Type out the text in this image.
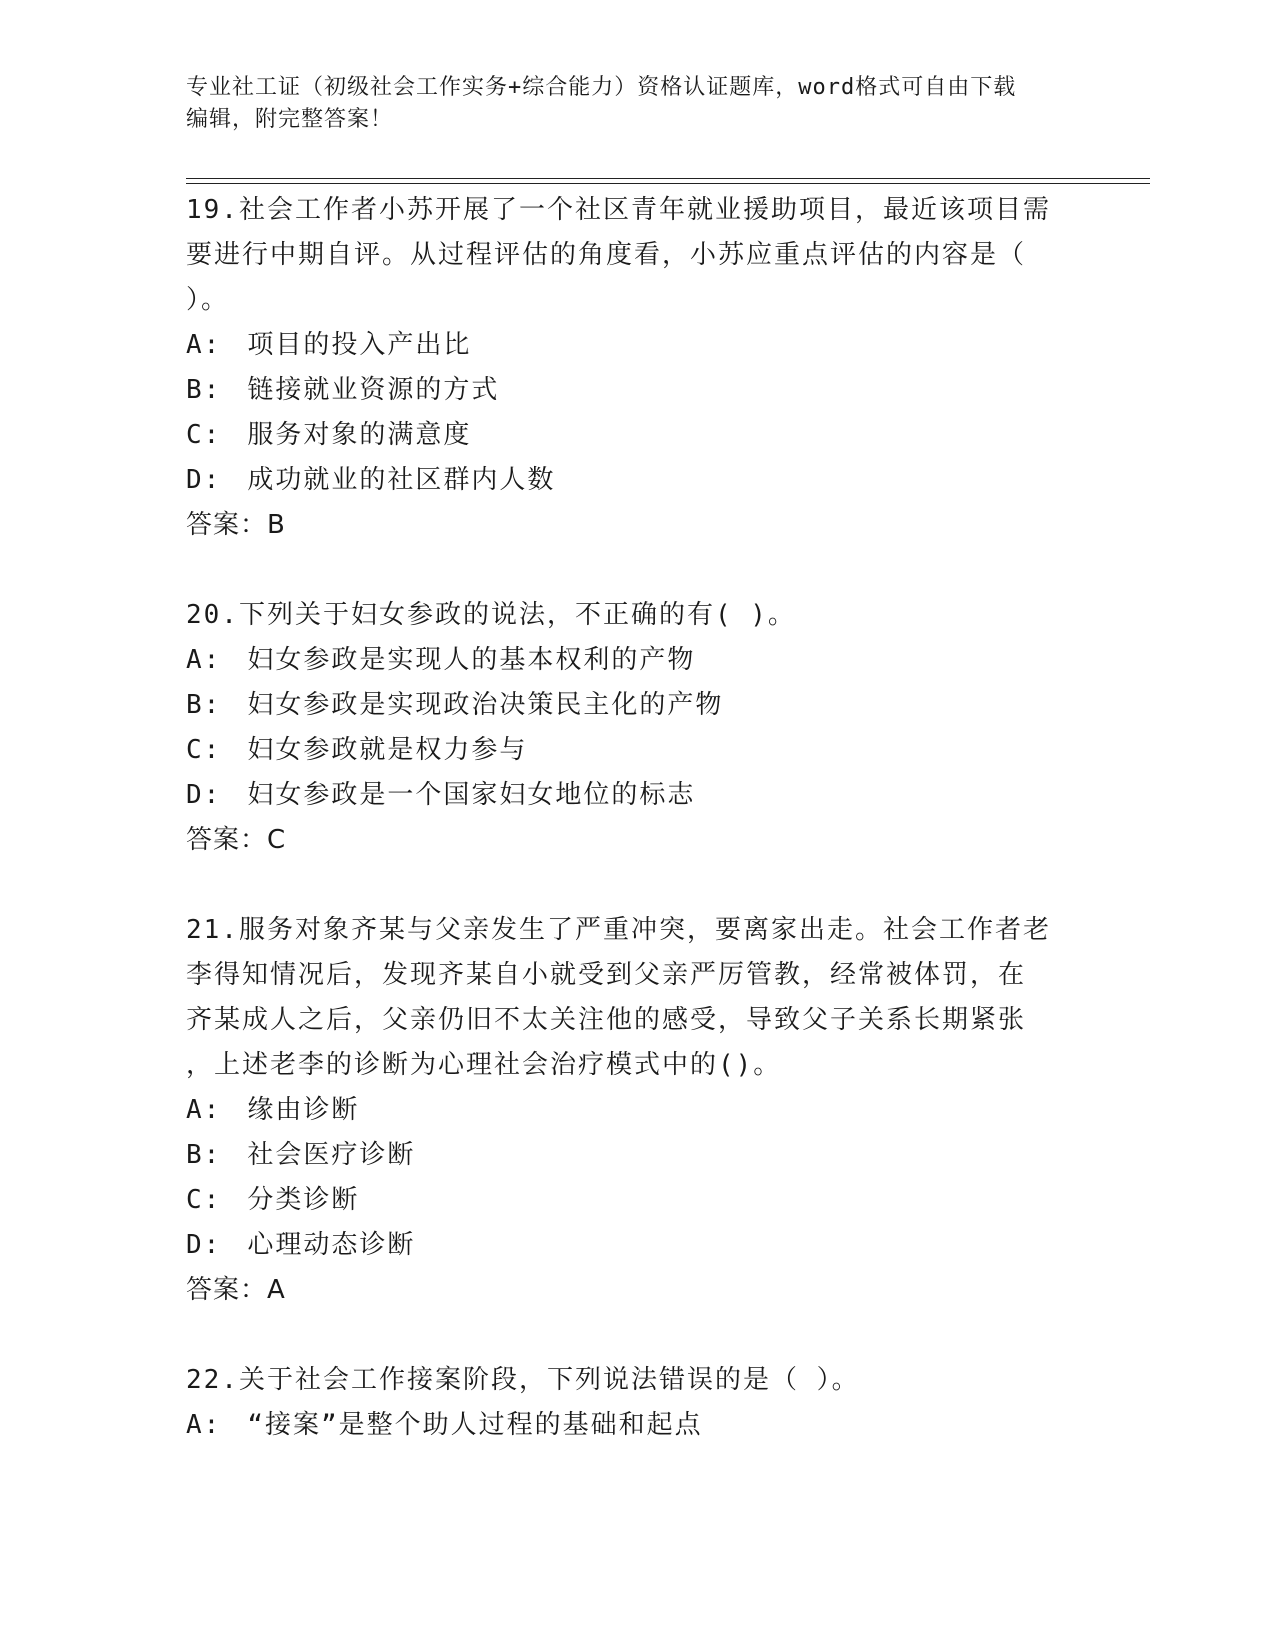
专业社工证（初级社会工作实务+综合能力）资格认证题库，word格式可自由下载
编辑，附完整答案！
19.社会工作者小苏开展了一个社区青年就业援助项目，最近该项目需
要进行中期自评。从过程评估的角度看，小苏应重点评估的内容是（
）。
A: 项目的投入产出比
B: 链接就业资源的方式
C: 服务对象的满意度
D: 成功就业的社区群内人数
答案：B
20.下列关于妇女参政的说法，不正确的有( )。
A: 妇女参政是实现人的基本权利的产物
B: 妇女参政是实现政治决策民主化的产物
C: 妇女参政就是权力参与
D: 妇女参政是一个国家妇女地位的标志
答案：C
21.服务对象齐某与父亲发生了严重冲突，要离家出走。社会工作者老
李得知情况后，发现齐某自小就受到父亲严厉管教，经常被体罚，在
齐某成人之后，父亲仍旧不太关注他的感受，导致父子关系长期紧张
，上述老李的诊断为心理社会治疗模式中的()。
A: 缘由诊断
B: 社会医疗诊断
C: 分类诊断
D: 心理动态诊断
答案：A
22.关于社会工作接案阶段，下列说法错误的是（ ）。
A: “接案”是整个助人过程的基础和起点
